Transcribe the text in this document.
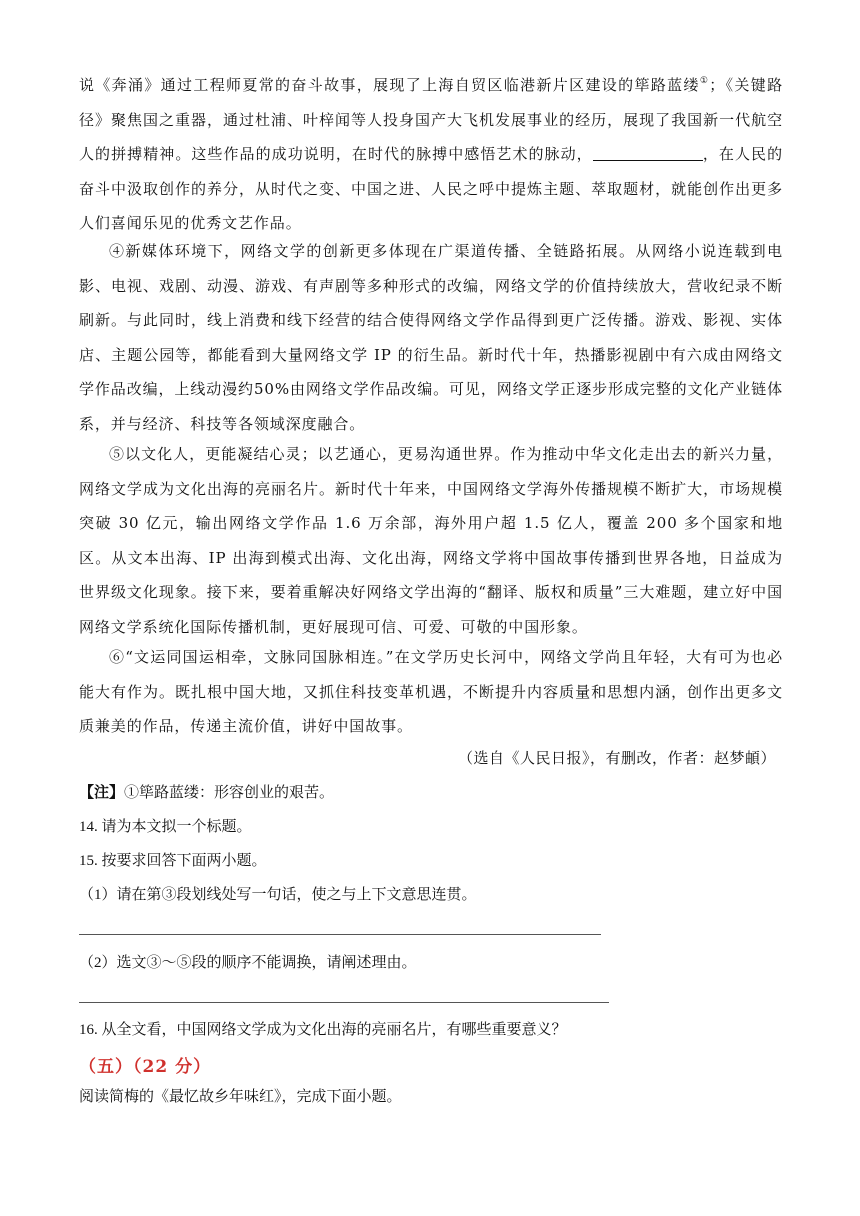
说《奔涌》通过工程师夏常的奋斗故事，展现了上海自贸区临港新片区建设的筚路蓝缕①；《关键路径》聚焦国之重器，通过杜浦、叶梓闻等人投身国产大飞机发展事业的经历，展现了我国新一代航空人的拼搏精神。这些作品的成功说明，在时代的脉搏中感悟艺术的脉动，	，在人民的奋斗中汲取创作的养分，从时代之变、中国之进、人民之呼中提炼主题、萃取题材，就能创作出更多人们喜闻乐见的优秀文艺作品。

④新媒体环境下，网络文学的创新更多体现在广渠道传播、全链路拓展。从网络小说连载到电影、电视、戏剧、动漫、游戏、有声剧等多种形式的改编，网络文学的价值持续放大，营收纪录不断刷新。与此同时，线上消费和线下经营的结合使得网络文学作品得到更广泛传播。游戏、影视、实体店、主题公园等，都能看到大量网络文学 IP 的衍生品。新时代十年，热播影视剧中有六成由网络文学作品改编，上线动漫约50%由网络文学作品改编。可见，网络文学正逐步形成完整的文化产业链体系，并与经济、科技等各领域深度融合。

⑤以文化人，更能凝结心灵；以艺通心，更易沟通世界。作为推动中华文化走出去的新兴力量，网络文学成为文化出海的亮丽名片。新时代十年来，中国网络文学海外传播规模不断扩大，市场规模突破 30 亿元，输出网络文学作品 1.6 万余部，海外用户超 1.5 亿人，覆盖 200 多个国家和地区。从文本出海、IP 出海到模式出海、文化出海，网络文学将中国故事传播到世界各地，日益成为世界级文化现象。接下来，要着重解决好网络文学出海的“翻译、版权和质量”三大难题，建立好中国网络文学系统化国际传播机制，更好展现可信、可爱、可敬的中国形象。

⑥“文运同国运相牵，文脉同国脉相连。”在文学历史长河中，网络文学尚且年轻，大有可为也必能大有作为。既扎根中国大地，又抓住科技变革机遇，不断提升内容质量和思想内涵，创作出更多文质兼美的作品，传递主流价值，讲好中国故事。

（选自《人民日报》，有删改，作者：赵梦頔）
【注】①筚路蓝缕：形容创业的艰苦。
14. 请为本文拟一个标题。
15. 按要求回答下面两小题。
（1）请在第③段划线处写一句话，使之与上下文意思连贯。
（2）选文③～⑤段的顺序不能调换，请阐述理由。
16. 从全文看，中国网络文学成为文化出海的亮丽名片，有哪些重要意义？
（五）（22 分）
阅读简梅的《最忆故乡年味红》，完成下面小题。
